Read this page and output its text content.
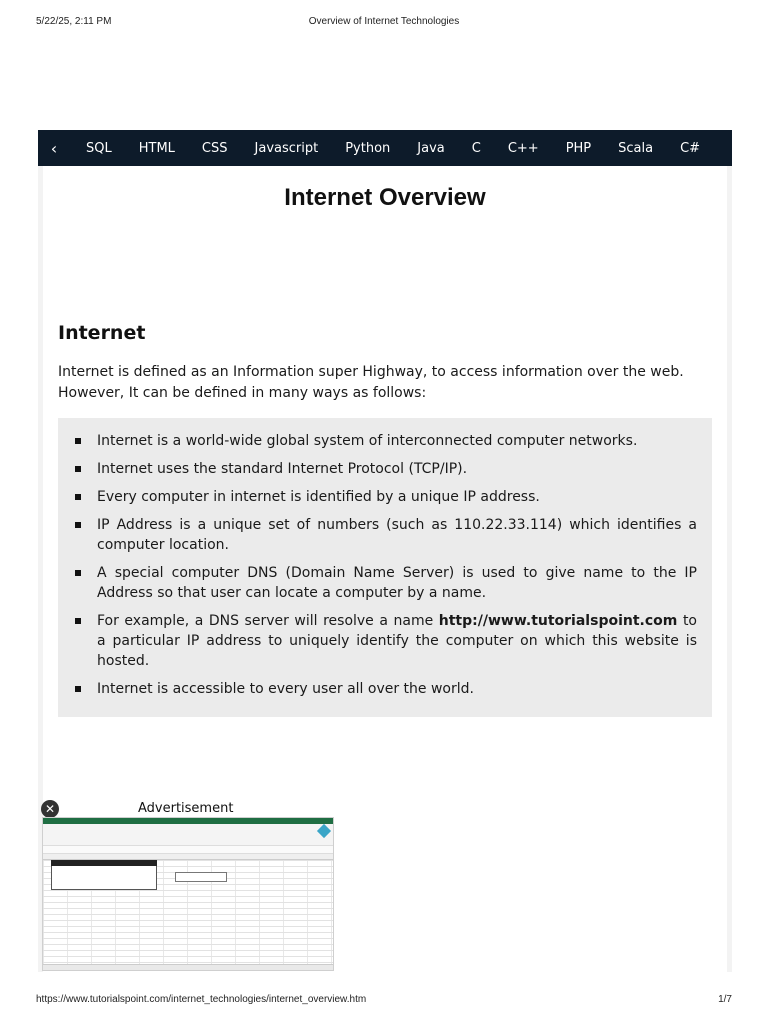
5/22/25, 2:11 PM	Overview of Internet Technologies
‹	SQL HTML CSS Javascript Python Java C C++ PHP Scala C#
Internet Overview
Internet

Internet is defined as an Information super Highway, to access information over the web. However, It can be defined in many ways as follows:

Internet is a world-wide global system of interconnected computer networks.
Internet uses the standard Internet Protocol (TCP/IP).
Every computer in internet is identified by a unique IP address.
IP Address is a unique set of numbers (such as 110.22.33.114) which identifies a computer location.
A special computer DNS (Domain Name Server) is used to give name to the IP Address so that user can locate a computer by a name.
For example, a DNS server will resolve a name http://www.tutorialspoint.com to a particular IP address to uniquely identify the computer on which this website is hosted.
Internet is accessible to every user all over the world.
✕	Advertisement
https://www.tutorialspoint.com/internet_technologies/internet_overview.htm	1/7
